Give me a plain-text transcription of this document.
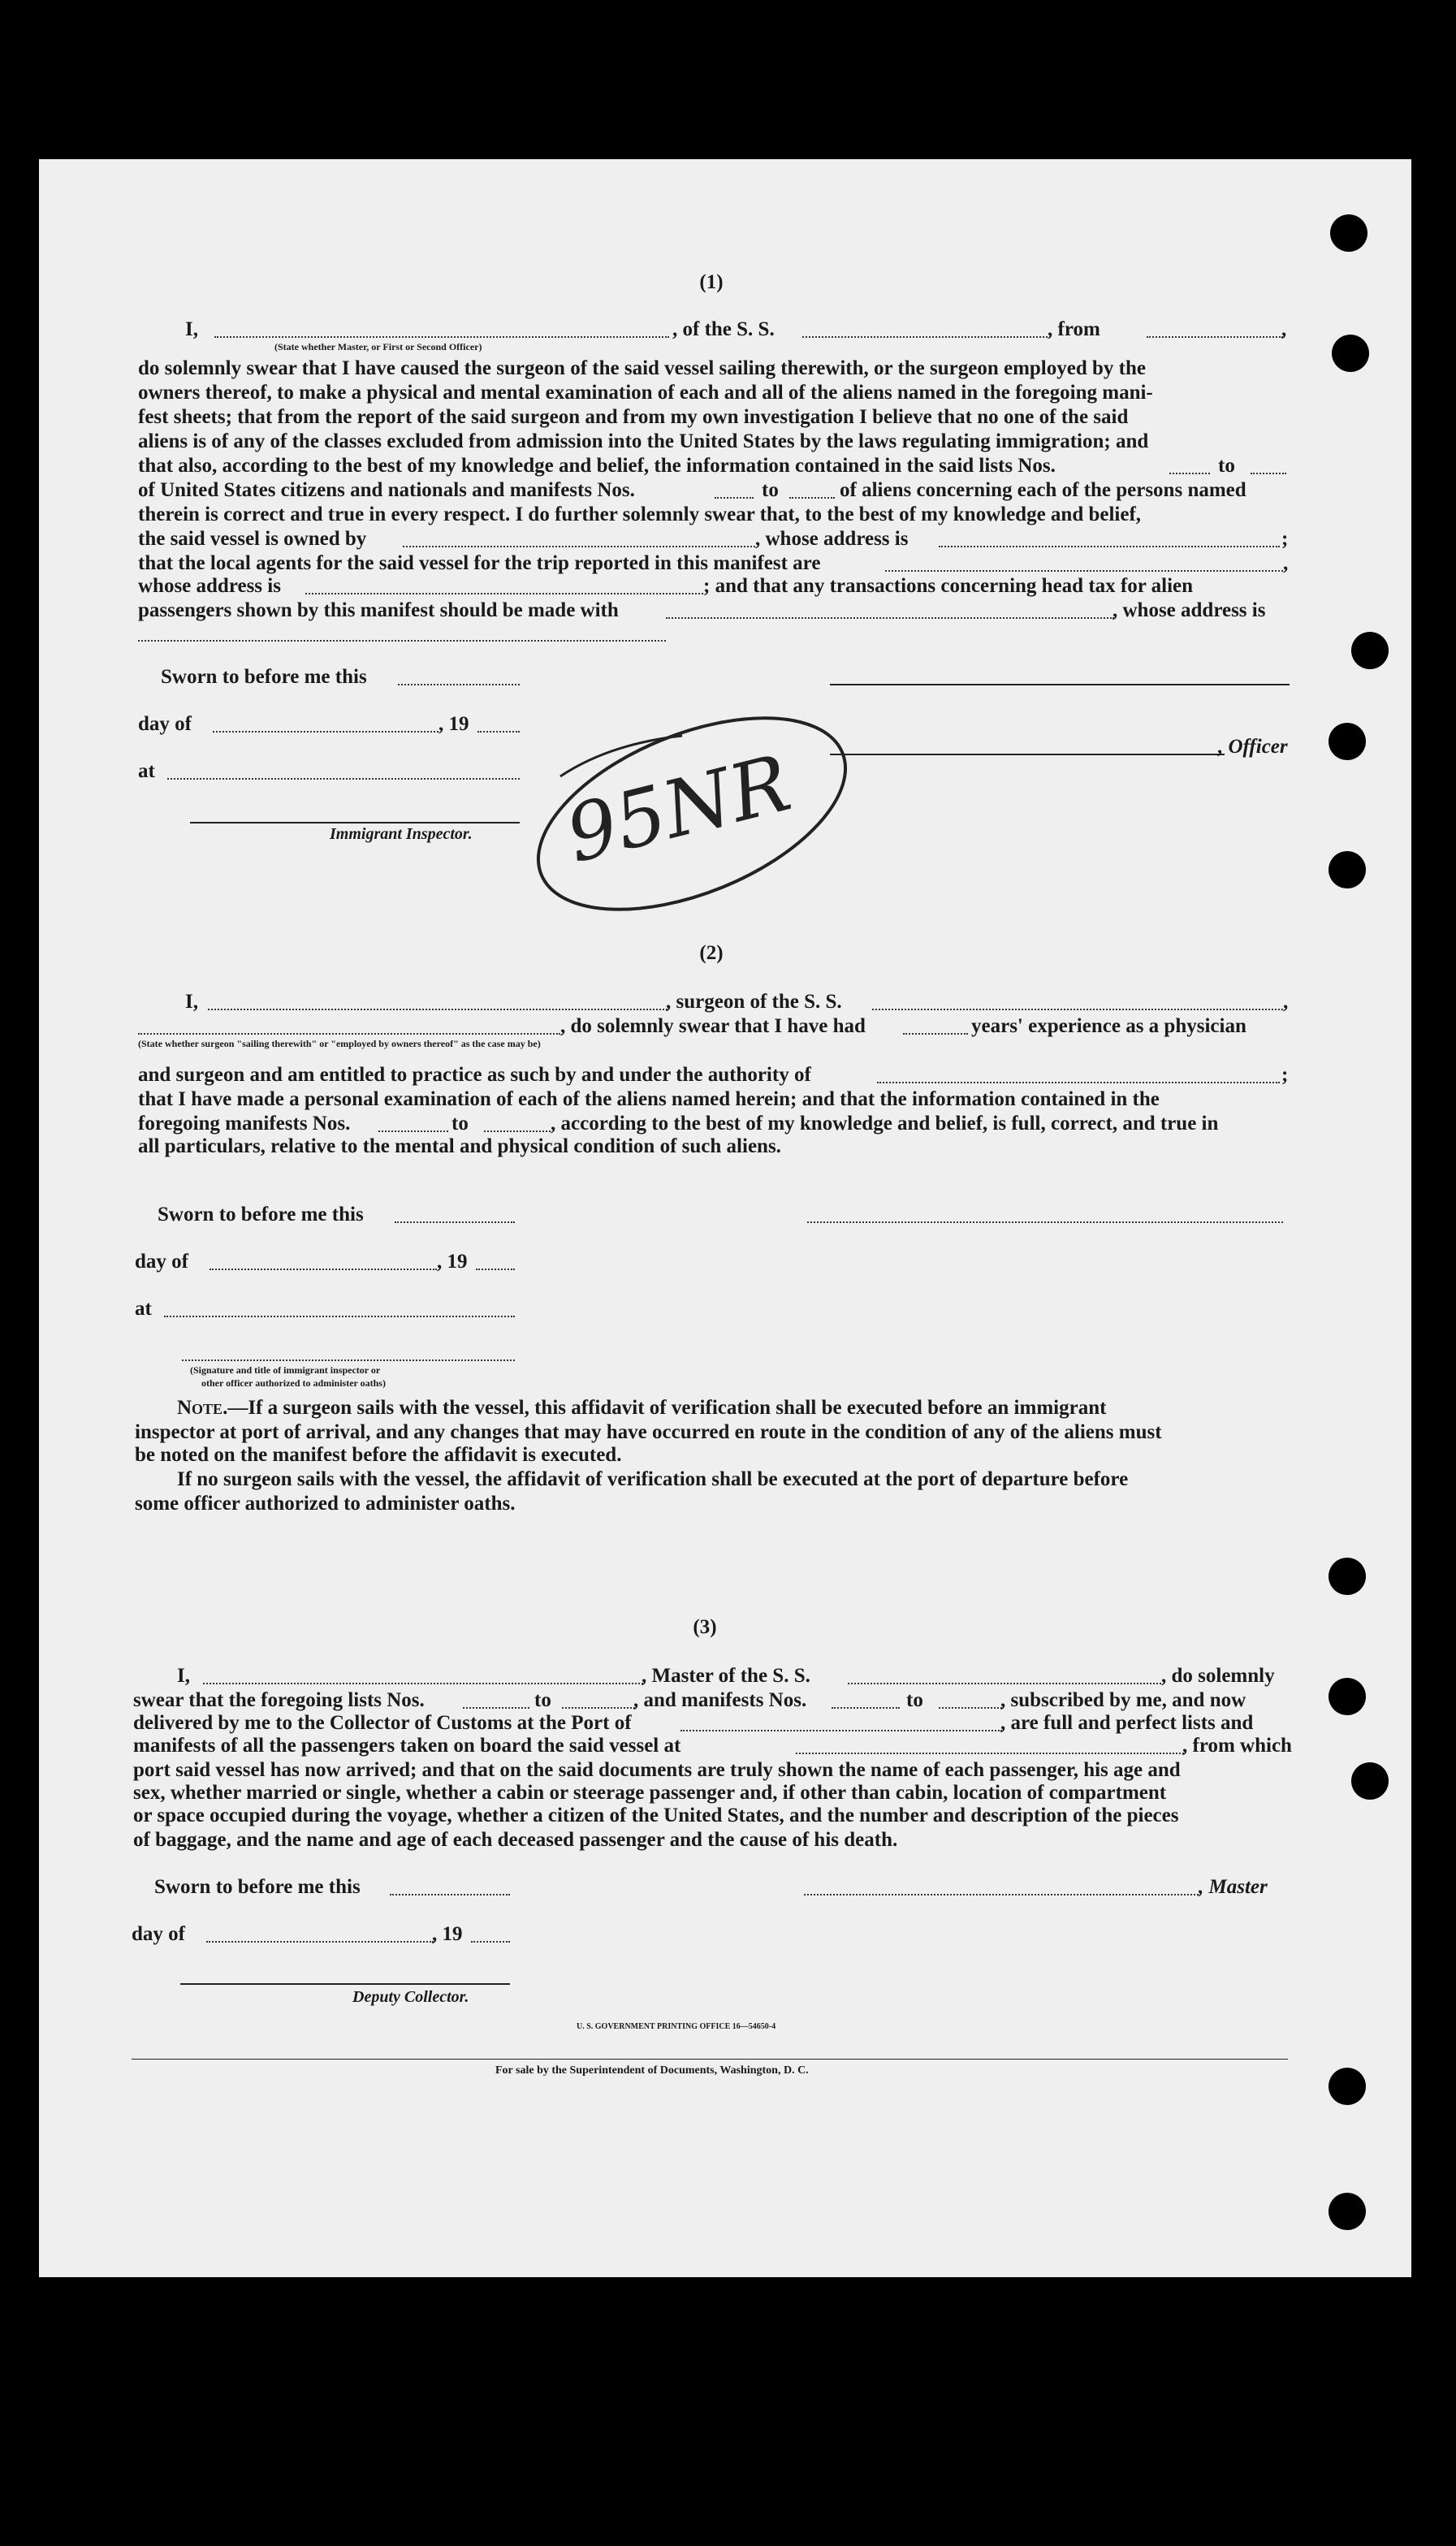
(1)
I,
(State whether Master, or First or Second Officer)
, of the S. S.	, from	,
do solemnly swear that I have caused the surgeon of the said vessel sailing therewith, or the surgeon employed by the
owners thereof, to make a physical and mental examination of each and all of the aliens named in the foregoing mani-
fest sheets; that from the report of the said surgeon and from my own investigation I believe that no one of the said
aliens is of any of the classes excluded from admission into the United States by the laws regulating immigration; and
that also, according to the best of my knowledge and belief, the information contained in the said lists Nos.	to
of United States citizens and nationals and manifests Nos.	to	of aliens concerning each of the persons named
therein is correct and true in every respect. I do further solemnly swear that, to the best of my knowledge and belief,
the said vessel is owned by	, whose address is	;
that the local agents for the said vessel for the trip reported in this manifest are	,
whose address is	; and that any transactions concerning head tax for alien
passengers shown by this manifest should be made with	, whose address is
Sworn to before me this
day of	, 19
, Officer
at
Immigrant Inspector. 95NR
(2)
I,	, surgeon of the S. S.	,
, do solemnly swear that I have had	years' experience as a physician
(State whether surgeon "sailing therewith" or "employed by owners thereof" as the case may be)
and surgeon and am entitled to practice as such by and under the authority of	;
that I have made a personal examination of each of the aliens named herein; and that the information contained in the
foregoing manifests Nos.	to	, according to the best of my knowledge and belief, is full, correct, and true in
all particulars, relative to the mental and physical condition of such aliens.
Sworn to before me this
day of	, 19
at
(Signature and title of immigrant inspector or
other officer authorized to administer oaths)
Note.—If a surgeon sails with the vessel, this affidavit of verification shall be executed before an immigrant
inspector at port of arrival, and any changes that may have occurred en route in the condition of any of the aliens must
be noted on the manifest before the affidavit is executed.
If no surgeon sails with the vessel, the affidavit of verification shall be executed at the port of departure before
some officer authorized to administer oaths.
(3)
I,	, Master of the S. S.	, do solemnly
swear that the foregoing lists Nos.	to	, and manifests Nos.	to	, subscribed by me, and now
delivered by me to the Collector of Customs at the Port of	, are full and perfect lists and
manifests of all the passengers taken on board the said vessel at	, from which
port said vessel has now arrived; and that on the said documents are truly shown the name of each passenger, his age and
sex, whether married or single, whether a cabin or steerage passenger and, if other than cabin, location of compartment
or space occupied during the voyage, whether a citizen of the United States, and the number and description of the pieces
of baggage, and the name and age of each deceased passenger and the cause of his death.
Sworn to before me this	, Master
day of	, 19
Deputy Collector.
U. S. GOVERNMENT PRINTING OFFICE 16—54650-4
For sale by the Superintendent of Documents, Washington, D. C.
